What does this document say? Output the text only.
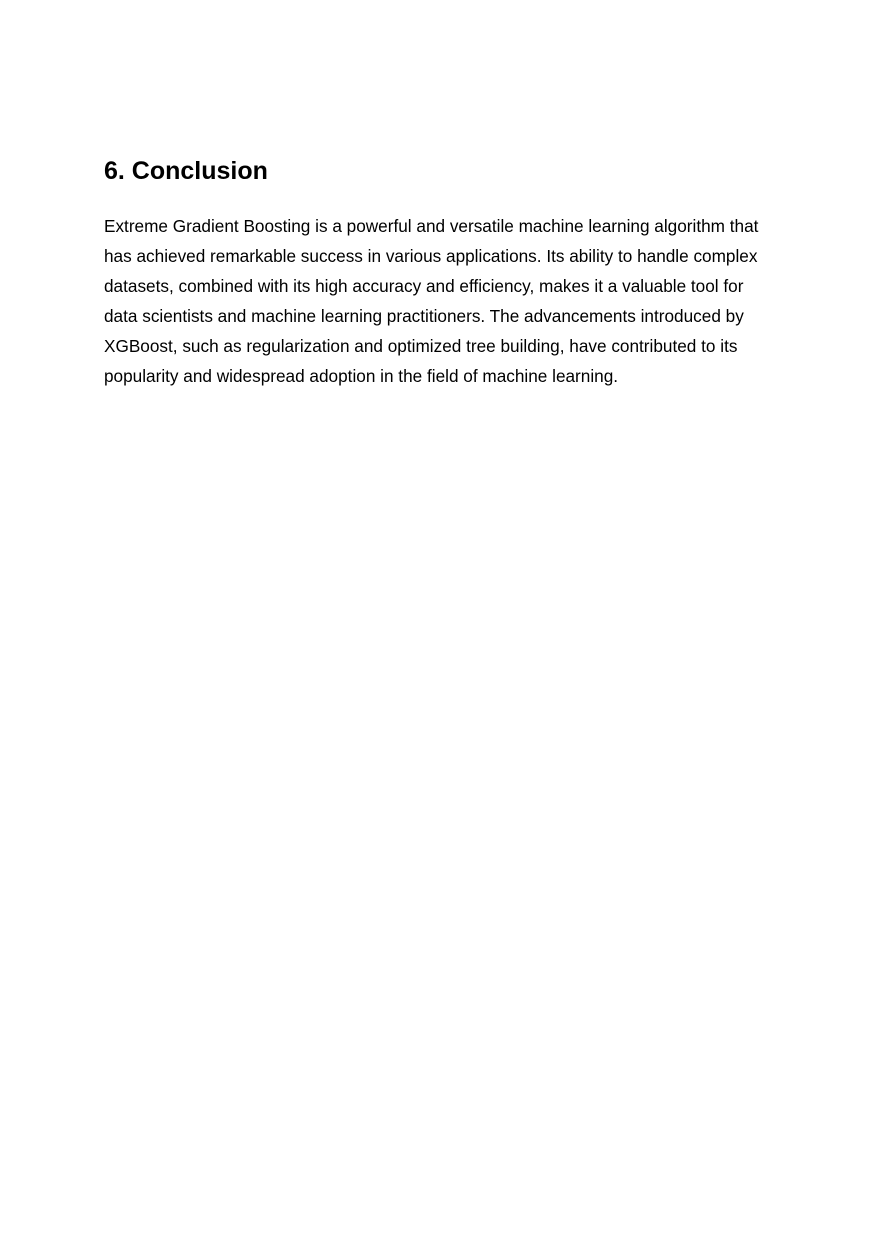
6. Conclusion

Extreme Gradient Boosting is a powerful and versatile machine learning algorithm that
has achieved remarkable success in various applications. Its ability to handle complex
datasets, combined with its high accuracy and efficiency, makes it a valuable tool for
data scientists and machine learning practitioners. The advancements introduced by
XGBoost, such as regularization and optimized tree building, have contributed to its
popularity and widespread adoption in the field of machine learning.
